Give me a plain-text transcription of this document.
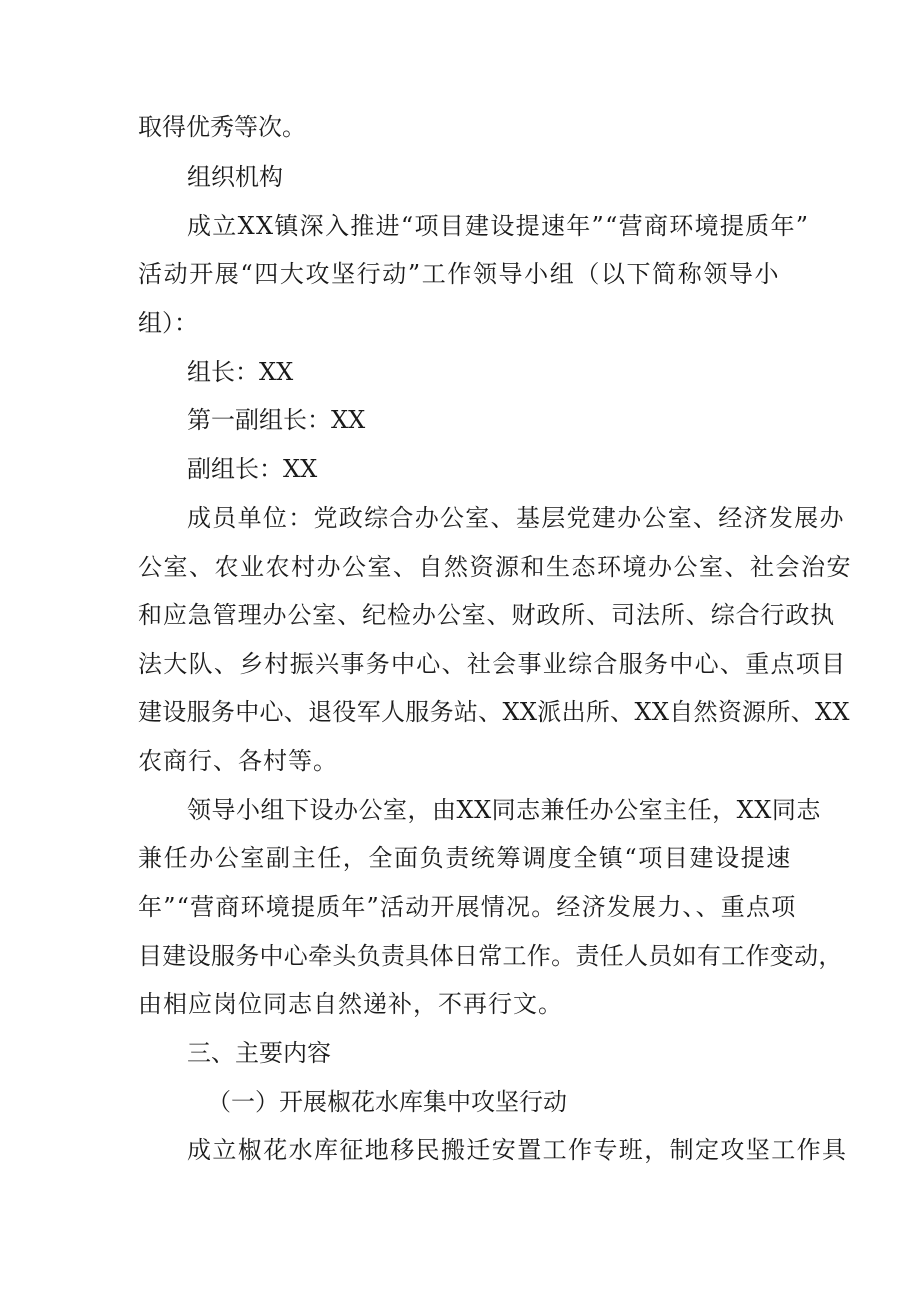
取得优秀等次。
组织机构
成立XX镇深入推进“项目建设提速年”“营商环境提质年”
活动开展“四大攻坚行动”工作领导小组（以下简称领导小
组）：
组长：XX
第一副组长：XX
副组长：XX
成员单位：党政综合办公室、基层党建办公室、经济发展办
公室、农业农村办公室、自然资源和生态环境办公室、社会治安
和应急管理办公室、纪检办公室、财政所、司法所、综合行政执
法大队、乡村振兴事务中心、社会事业综合服务中心、重点项目
建设服务中心、退役军人服务站、XX派出所、XX自然资源所、XX
农商行、各村等。
领导小组下设办公室，由XX同志兼任办公室主任，XX同志
兼任办公室副主任，全面负责统筹调度全镇“项目建设提速
年”“营商环境提质年”活动开展情况。经济发展力、、重点项
目建设服务中心牵头负责具体日常工作。责任人员如有工作变动，
由相应岗位同志自然递补，不再行文。
三、主要内容
（一）开展椒花水库集中攻坚行动
成立椒花水库征地移民搬迁安置工作专班，制定攻坚工作具
